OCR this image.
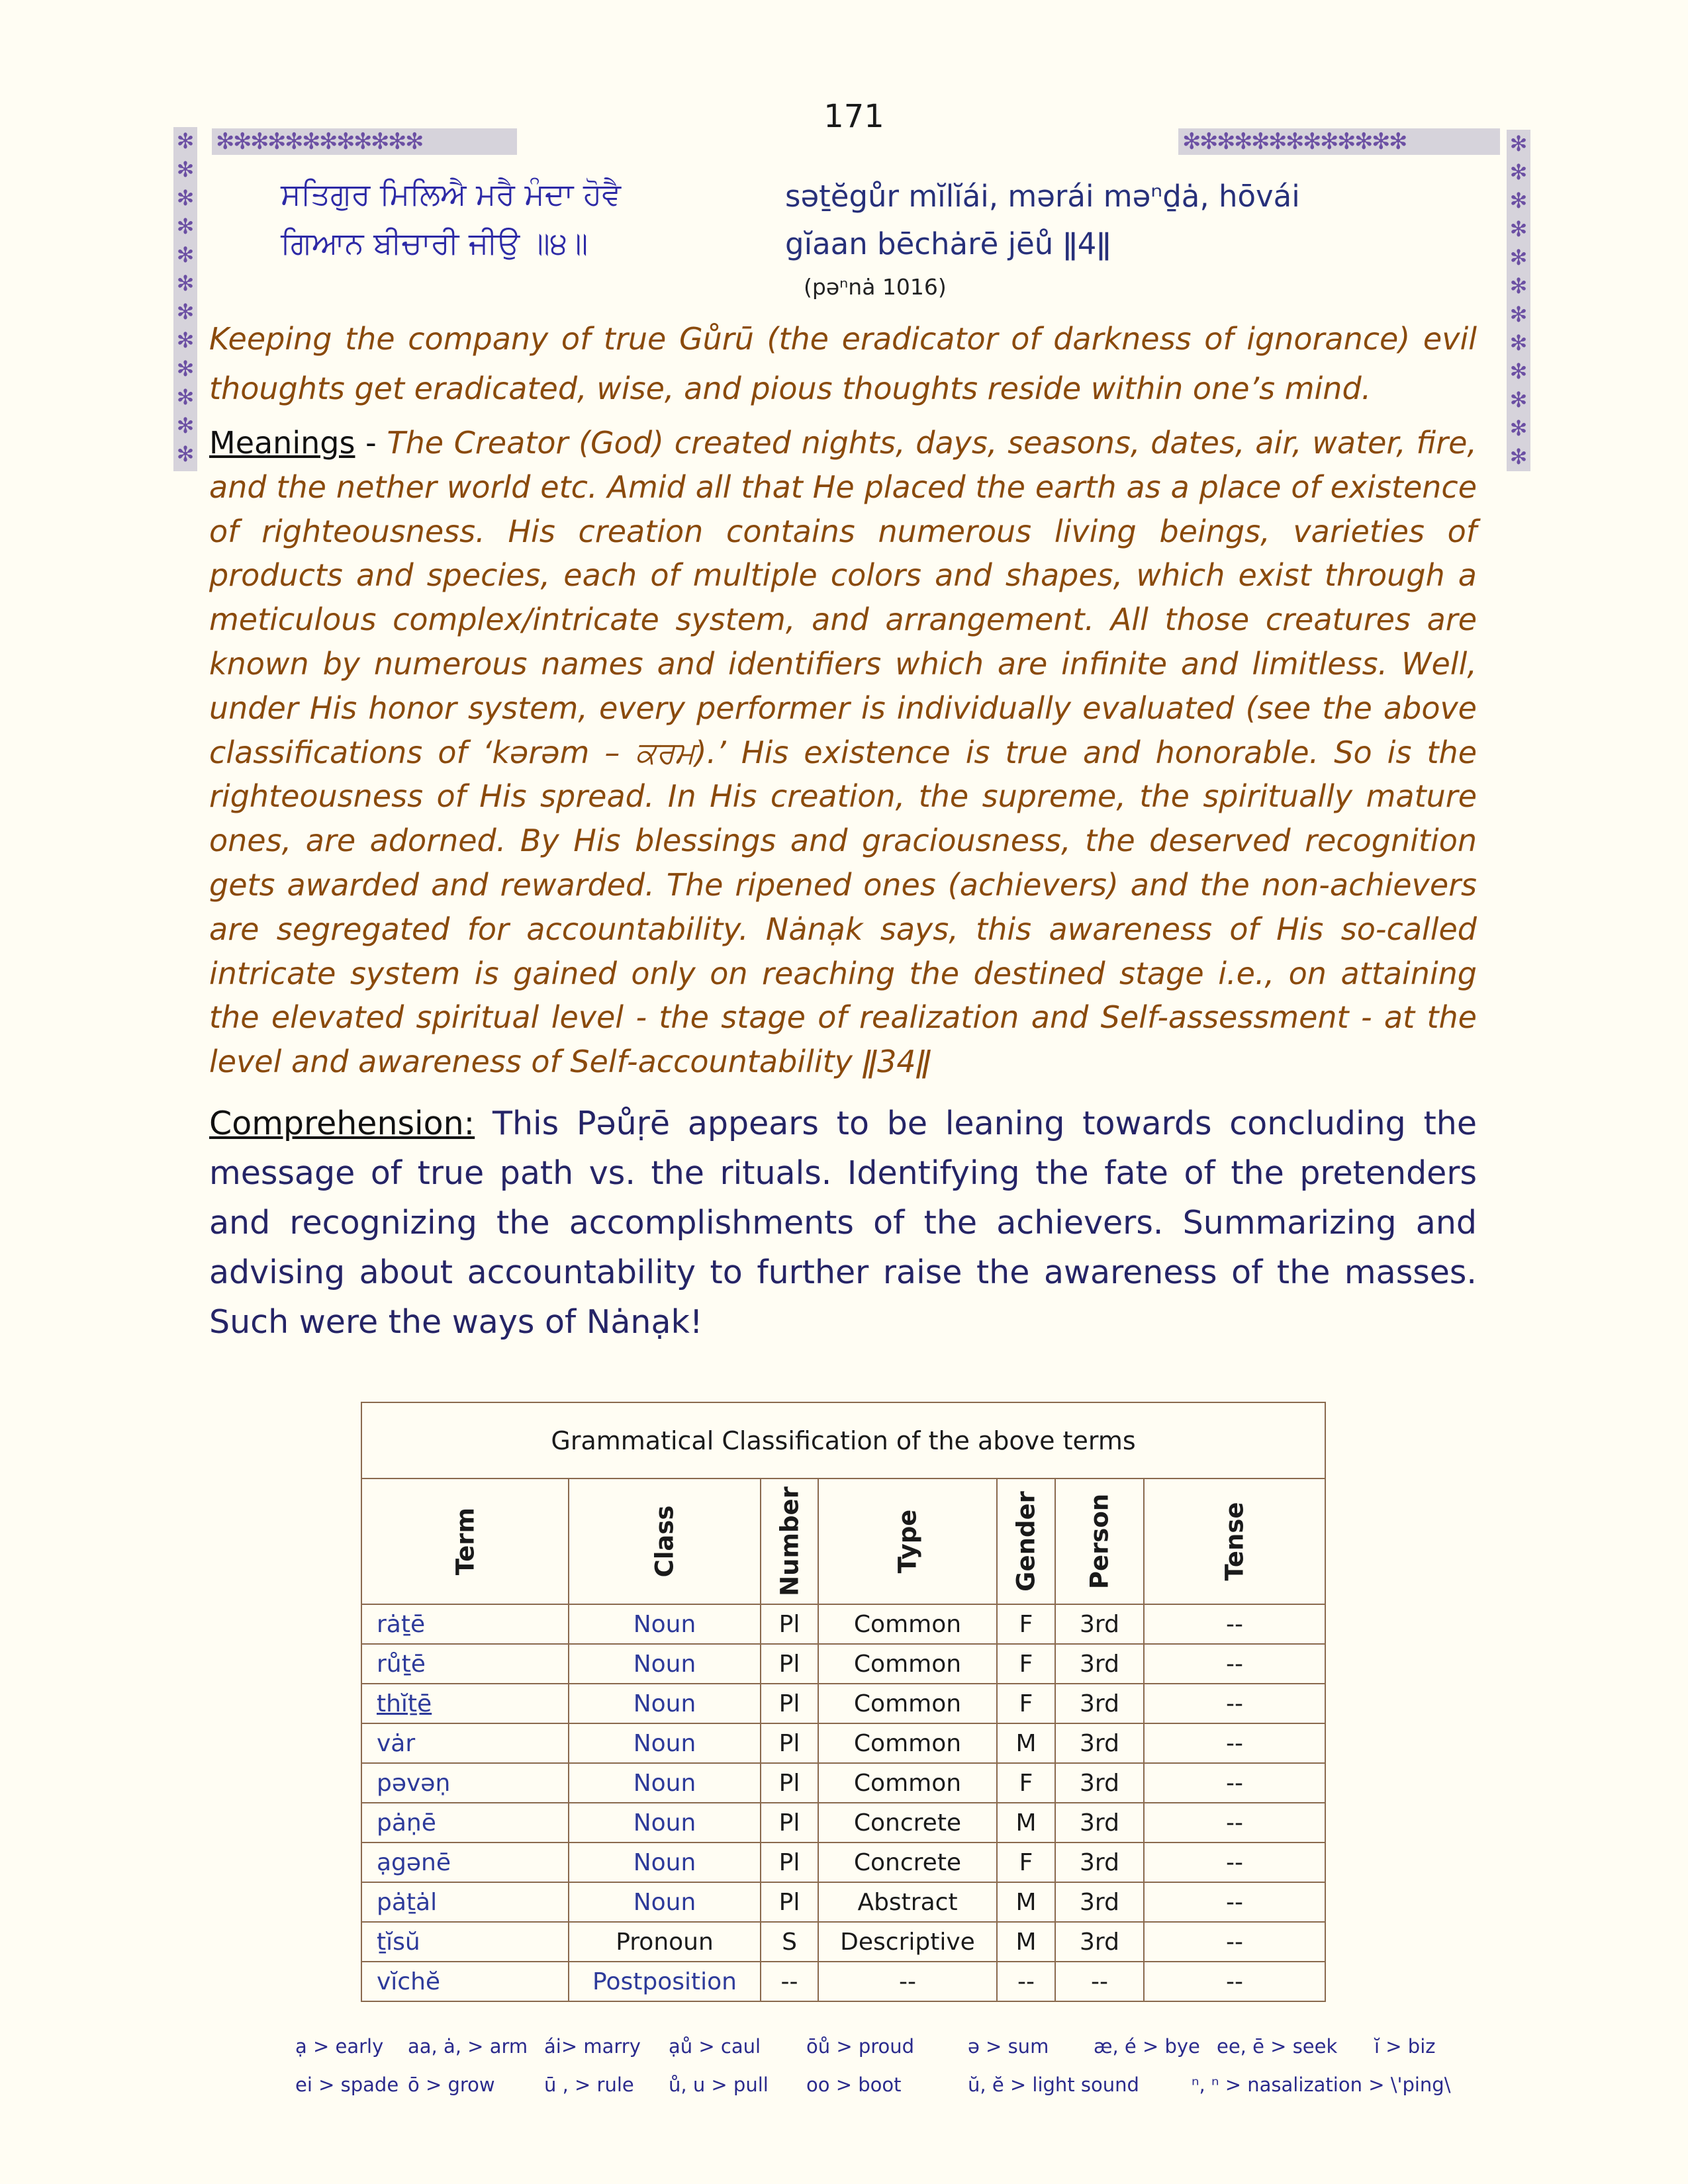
171
✻
✻
✻
✻
✻
✻
✻
✻
✻
✻
✻
✻	✻
✻
✻
✻
✻
✻
✻
✻
✻
✻
✻
✻
✻
✻
✻
✻
✻
✻
✻
✻
✻
✻
✻
✻
✻
✻
✻
✻
✻
✻
✻
✻
✻
✻
✻
✻
✻
ਸਤਿਗੁਰ ਮਿਲਿਐ ਮਰੈ ਮੰਦਾ ਹੋਵੈ
ਗਿਆਨ ਬੀਚਾਰੀ ਜੀਉ ॥੪॥
səṯĕgůr mĭlĭái, mərái məⁿḏȧ, hōvái
gĭaan bēchȧrē jēů ǁ4ǁ
(pəⁿnȧ 1016)
Keeping the company of true Gůrū (the eradicator of darkness of ignorance) evil thoughts get eradicated, wise, and pious thoughts reside within one’s mind.
Meanings - The Creator (God) created nights, days, seasons, dates, air, water, fire, and the nether world etc. Amid all that He placed the earth as a place of existence of righteousness. His creation contains numerous living beings, varieties of products and species, each of multiple colors and shapes, which exist through a meticulous complex/intricate system, and arrangement. All those creatures are known by numerous names and identifiers which are infinite and limitless. Well, under His honor system, every performer is individually evaluated (see the above classifications of ‘kərəm – ਕਰਮ).’ His existence is true and honorable. So is the righteousness of His spread. In His creation, the supreme, the spiritually mature ones, are adorned. By His blessings and graciousness, the deserved recognition gets awarded and rewarded. The ripened ones (achievers) and the non-achievers are segregated for accountability. Nȧnạk says, this awareness of His so-called intricate system is gained only on reaching the destined stage i.e., on attaining the elevated spiritual level - the stage of realization and Self-assessment - at the level and awareness of Self-accountability ǁ34ǁ
Comprehension: This Pəůṛē appears to be leaning towards concluding the message of true path vs. the rituals. Identifying the fate of the pretenders and recognizing the accomplishments of the achievers. Summarizing and advising about accountability to further raise the awareness of the masses. Such were the ways of Nȧnạk!
Grammatical Classification of the above terms						

Term	Class	Number	Type	Gender	Person	Tense

rȧṯē	Noun	Pl	Common	F	3rd	--
růṯē	Noun	Pl	Common	F	3rd	--
thĭṯē	Noun	Pl	Common	F	3rd	--
vȧr	Noun	Pl	Common	M	3rd	--
pəvəṇ	Noun	Pl	Common	F	3rd	--
pȧṇē	Noun	Pl	Concrete	M	3rd	--
ạgənē	Noun	Pl	Concrete	F	3rd	--
pȧṯȧl	Noun	Pl	Abstract	M	3rd	--
ṯĭsŭ	Pronoun	S	Descriptive	M	3rd	--
vĭchĕ	Postposition	--	--	--	--	--
ạ > early aa, ȧ, > arm ái> marry ạů > caul ōů > proud	ə > sum æ, é > bye ee, ē > seek ĭ > biz
ei > spade ō > grow	ū , > rule ů, u > pull oo > boot	ŭ, ĕ > light sound	ⁿ, ⁿ > nasalization > \'ping\
